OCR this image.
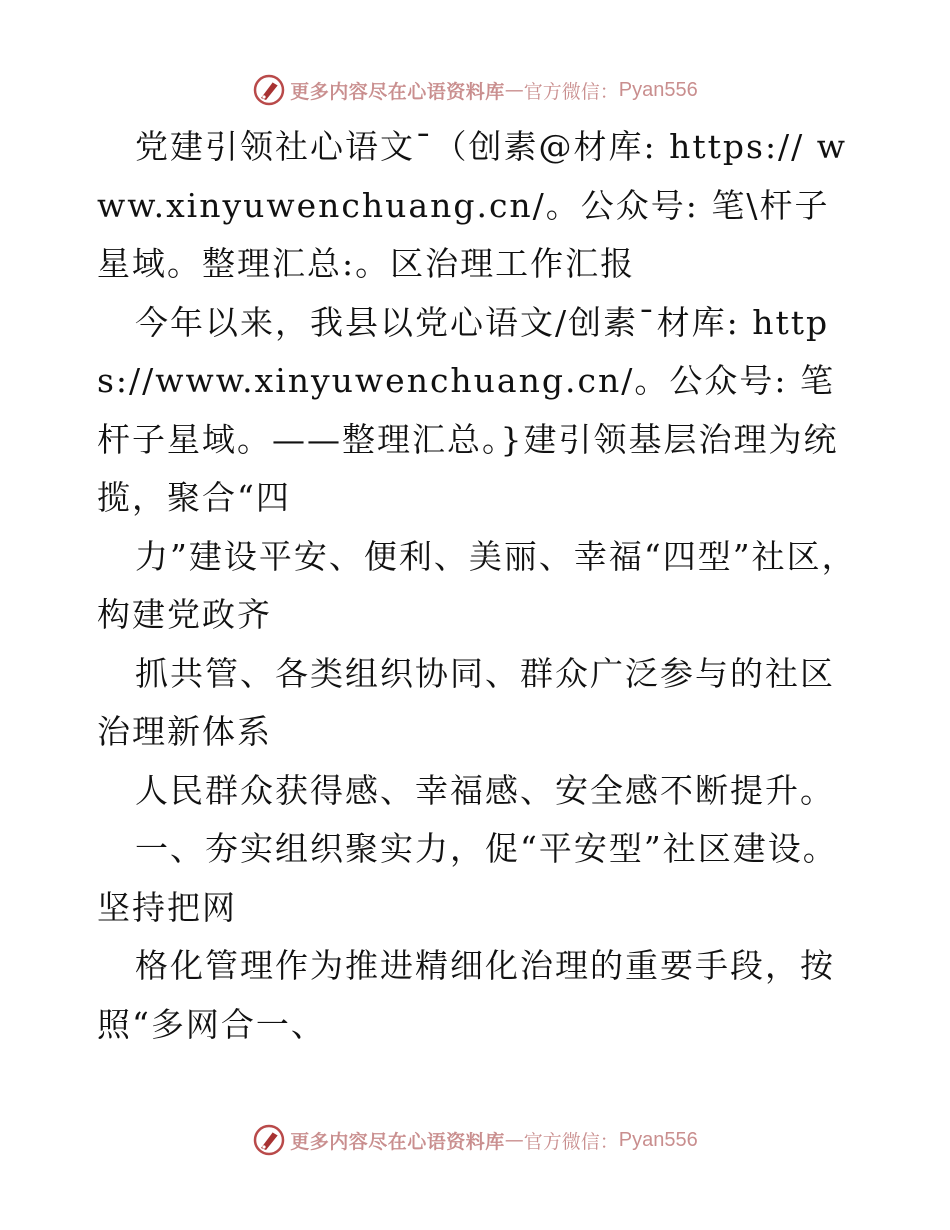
更多内容尽在心语资料库 — 官方微信： Pyan556

党建引领社心语文¯（创素@材库: https:// www.xinyuwenchuang.cn/。公众号: 笔\杆子星域。整理汇总:。区治理工作汇报

今年以来，我县以党心语文/创素¯材库: https://www.xinyuwenchuang.cn/。公众号: 笔杆子星域。——整理汇总。}建引领基层治理为统揽，聚合“四

力”建设平安、便利、美丽、幸福“四型”社区，构建党政齐

抓共管、各类组织协同、群众广泛参与的社区治理新体系

人民群众获得感、幸福感、安全感不断提升。

一、夯实组织聚实力，促“平安型”社区建设。坚持把网

格化管理作为推进精细化治理的重要手段，按照“多网合一、

更多内容尽在心语资料库 — 官方微信： Pyan556
